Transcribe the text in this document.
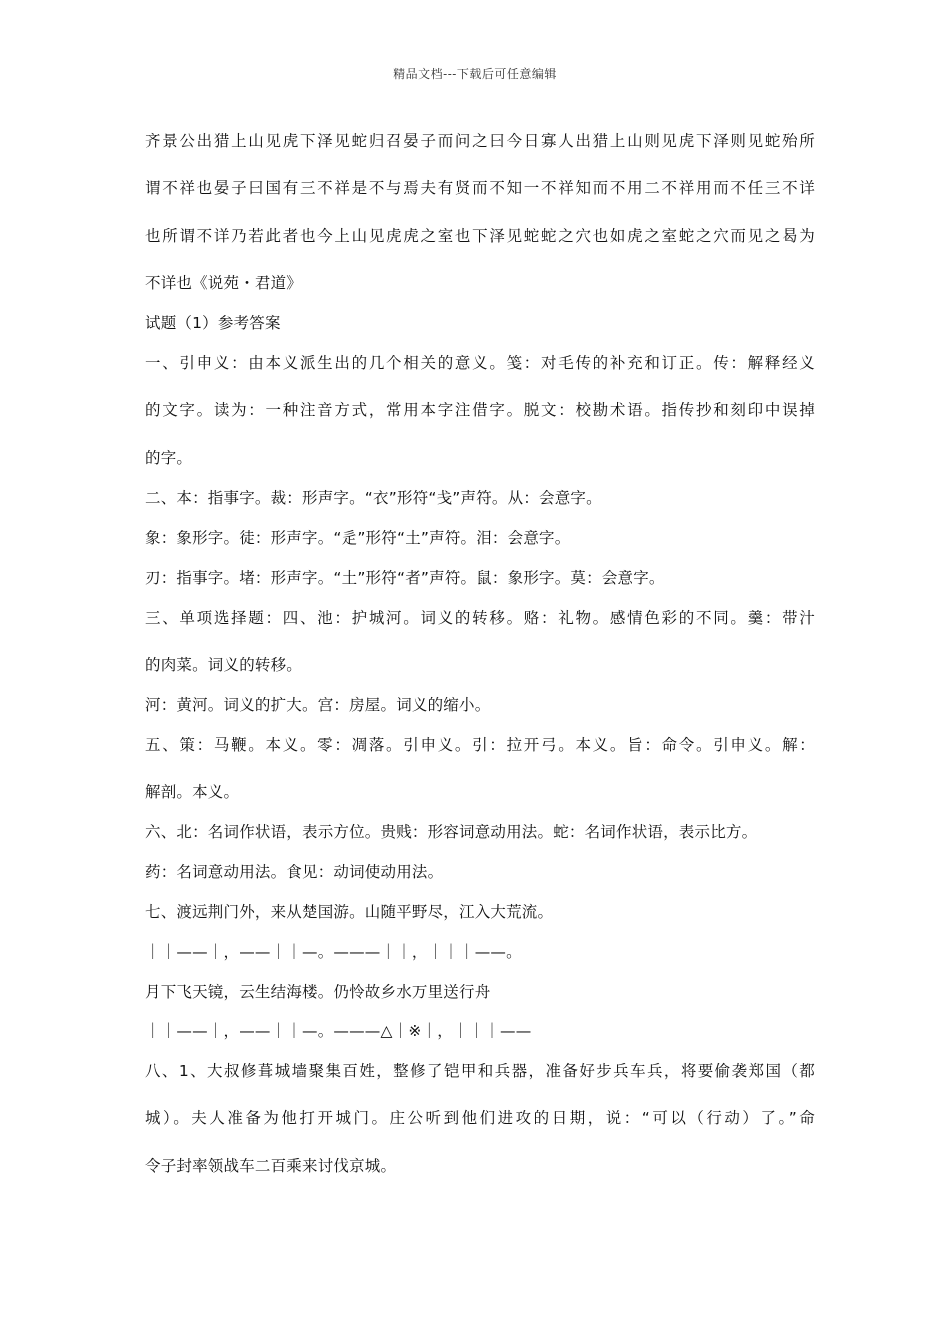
精品文档---下载后可任意编辑
齐景公出猎上山见虎下泽见蛇归召晏子而问之曰今日寡人出猎上山则见虎下泽则见蛇殆所
谓不祥也晏子曰国有三不祥是不与焉夫有贤而不知一不祥知而不用二不祥用而不任三不详
也所谓不详乃若此者也今上山见虎虎之室也下泽见蛇蛇之穴也如虎之室蛇之穴而见之曷为
不详也《说苑・君道》
试题（1）参考答案
一、引申义：由本义派生出的几个相关的意义。笺：对毛传的补充和订正。传：解释经义
的文字。读为：一种注音方式，常用本字注借字。脱文：校勘术语。指传抄和刻印中误掉
的字。
二、本：指事字。裁：形声字。“衣”形符“戋”声符。从：会意字。
象：象形字。徒：形声字。“辵”形符“土”声符。泪：会意字。
刃：指事字。堵：形声字。“土”形符“者”声符。鼠：象形字。莫：会意字。
三、单项选择题：四、池：护城河。词义的转移。赂：礼物。感情色彩的不同。羹：带汁
的肉菜。词义的转移。
河：黄河。词义的扩大。宫：房屋。词义的缩小。
五、策：马鞭。本义。零：凋落。引申义。引：拉开弓。本义。旨：命令。引申义。解：
解剖。本义。
六、北：名词作状语，表示方位。贵贱：形容词意动用法。蛇：名词作状语，表示比方。
药：名词意动用法。食见：动词使动用法。
七、渡远荆门外，来从楚国游。山随平野尽，江入大荒流。
｜｜——｜，——｜｜—。———｜｜，｜｜｜——。
月下飞天镜，云生结海楼。仍怜故乡水万里送行舟
｜｜——｜，——｜｜—。———△｜※｜，｜｜｜——
八、1、大叔修葺城墙聚集百姓，整修了铠甲和兵器，准备好步兵车兵，将要偷袭郑国（都
城）。夫人准备为他打开城门。庄公听到他们进攻的日期，说：“可以（行动）了。”命
令子封率领战车二百乘来讨伐京城。
